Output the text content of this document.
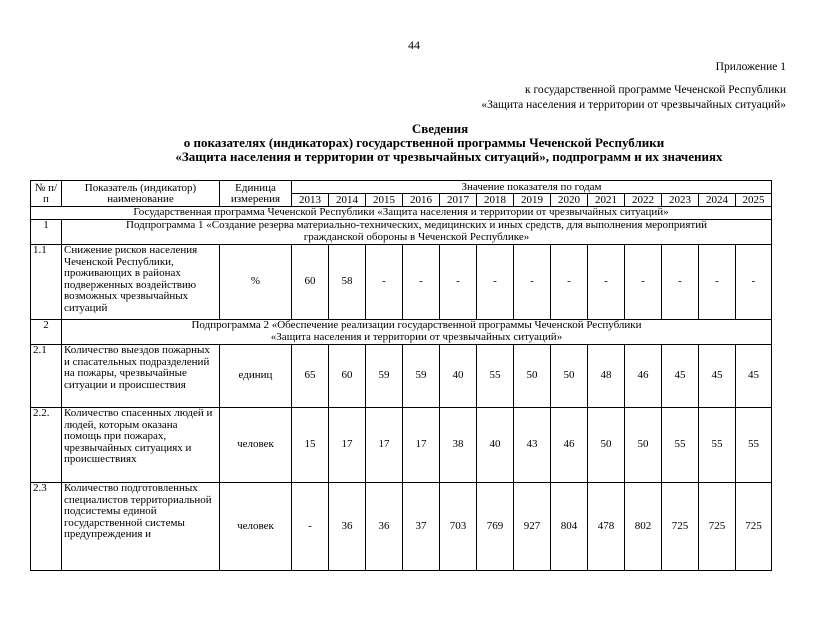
44
Приложение 1
к государственной программе Чеченской Республики
«Защита населения и территории от чрезвычайных ситуаций»
Сведения
о показателях (индикаторах) государственной программы Чеченской Республики
«Защита населения и территории от чрезвычайных ситуаций», подпрограмм и их значениях
№ п/п	Показатель (индикатор) наименование	Единица измерения	Значение показателя по годам												
			2013	2014	2015	2016	2017	2018	2019	2020	2021	2022	2023	2024	2025
Государственная программа Чеченской Республики «Защита населения и территории от чрезвычайных ситуаций»															
1	Подпрограмма 1 «Создание резерва материально-технических, медицинских и иных средств, для выполнения мероприятий
гражданской обороны в Чеченской Республике»														

1.1	Снижение рисков населения Чеченской Республики, проживающих в районах подверженных воздействию возможных чрезвычайных ситуаций	%	60	58	-	-	-	-	-	-	-	-	-	-	-
2	Подпрограмма 2 «Обеспечение реализации государственной программы Чеченской Республики
«Защита населения и территории от чрезвычайных ситуаций»														

2.1	Количество выездов пожарных и спасательных подразделений на пожары, чрезвычайные ситуации и происшествия	единиц	65	60	59	59	40	55	50	50	48	46	45	45	45
2.2.	Количество спасенных людей и людей, которым оказана помощь при пожарах, чрезвычайных ситуациях и происшествиях	человек	15	17	17	17	38	40	43	46	50	50	55	55	55
2.3	Количество подготовленных специалистов территориальной подсистемы единой государственной системы предупреждения и	человек	-	36	36	37	703	769	927	804	478	802	725	725	725
